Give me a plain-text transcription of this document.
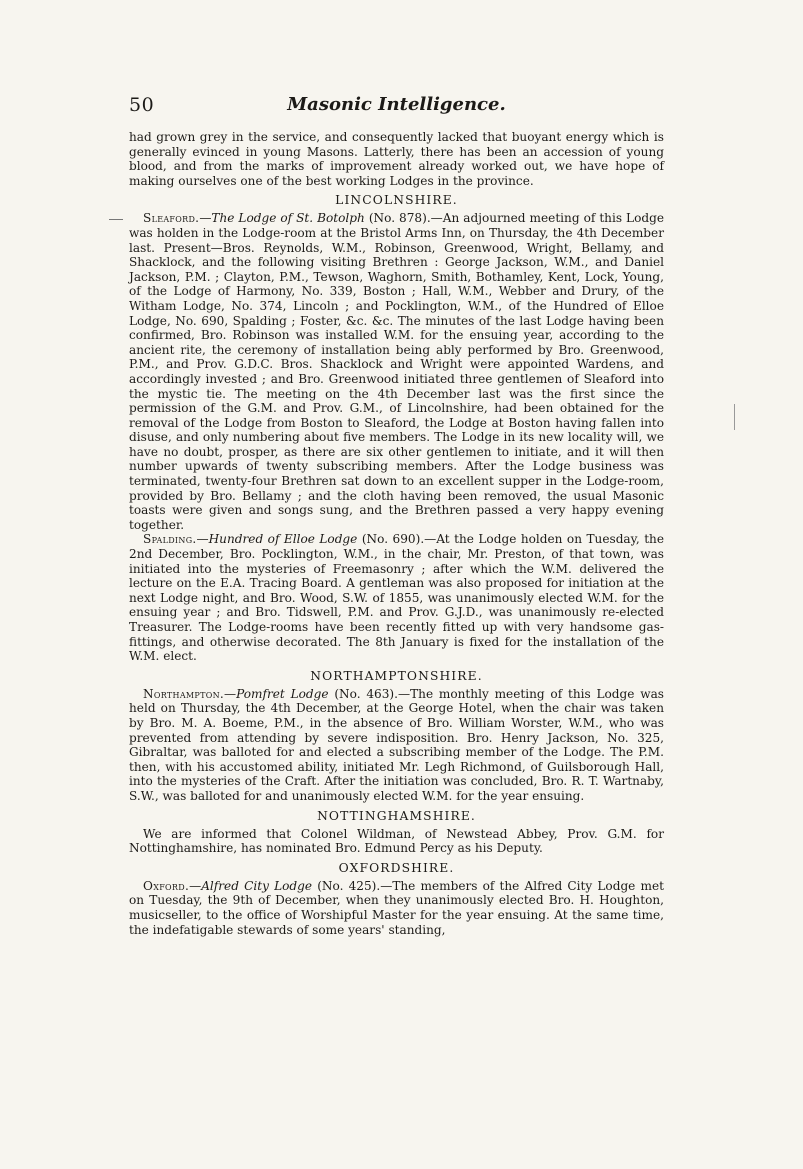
50	Masonic Intelligence.

had grown grey in the service, and consequently lacked that buoyant energy which is generally evinced in young Masons. Latterly, there has been an accession of young blood, and from the marks of improvement already worked out, we have hope of making ourselves one of the best working Lodges in the province.

LINCOLNSHIRE.

Sleaford.—The Lodge of St. Botolph (No. 878).—An adjourned meeting of this Lodge was holden in the Lodge-room at the Bristol Arms Inn, on Thursday, the 4th December last. Present—Bros. Reynolds, W.M., Robinson, Greenwood, Wright, Bellamy, and Shacklock, and the following visiting Brethren : George Jackson, W.M., and Daniel Jackson, P.M. ; Clayton, P.M., Tewson, Waghorn, Smith, Bothamley, Kent, Lock, Young, of the Lodge of Harmony, No. 339, Boston ; Hall, W.M., Webber and Drury, of the Witham Lodge, No. 374, Lincoln ; and Pocklington, W.M., of the Hundred of Elloe Lodge, No. 690, Spalding ; Foster, &c. &c. The minutes of the last Lodge having been confirmed, Bro. Robinson was installed W.M. for the ensuing year, according to the ancient rite, the ceremony of installation being ably performed by Bro. Greenwood, P.M., and Prov. G.D.C. Bros. Shacklock and Wright were appointed Wardens, and accordingly invested ; and Bro. Greenwood initiated three gentlemen of Sleaford into the mystic tie. The meeting on the 4th December last was the first since the permission of the G.M. and Prov. G.M., of Lincolnshire, had been obtained for the removal of the Lodge from Boston to Sleaford, the Lodge at Boston having fallen into disuse, and only numbering about five members. The Lodge in its new locality will, we have no doubt, prosper, as there are six other gentlemen to initiate, and it will then number upwards of twenty subscribing members. After the Lodge business was terminated, twenty-four Brethren sat down to an excellent supper in the Lodge-room, provided by Bro. Bellamy ; and the cloth having been removed, the usual Masonic toasts were given and songs sung, and the Brethren passed a very happy evening together.

Spalding.—Hundred of Elloe Lodge (No. 690).—At the Lodge holden on Tuesday, the 2nd December, Bro. Pocklington, W.M., in the chair, Mr. Preston, of that town, was initiated into the mysteries of Freemasonry ; after which the W.M. delivered the lecture on the E.A. Tracing Board. A gentleman was also proposed for initiation at the next Lodge night, and Bro. Wood, S.W. of 1855, was unanimously elected W.M. for the ensuing year ; and Bro. Tidswell, P.M. and Prov. G.J.D., was unanimously re-elected Treasurer. The Lodge-rooms have been recently fitted up with very handsome gas-fittings, and otherwise decorated. The 8th January is fixed for the installation of the W.M. elect.

NORTHAMPTONSHIRE.

Northampton.—Pomfret Lodge (No. 463).—The monthly meeting of this Lodge was held on Thursday, the 4th December, at the George Hotel, when the chair was taken by Bro. M. A. Boeme, P.M., in the absence of Bro. William Worster, W.M., who was prevented from attending by severe indisposition. Bro. Henry Jackson, No. 325, Gibraltar, was balloted for and elected a subscribing member of the Lodge. The P.M. then, with his accustomed ability, initiated Mr. Legh Richmond, of Guilsborough Hall, into the mysteries of the Craft. After the initiation was concluded, Bro. R. T. Wartnaby, S.W., was balloted for and unanimously elected W.M. for the year ensuing.

NOTTINGHAMSHIRE.

We are informed that Colonel Wildman, of Newstead Abbey, Prov. G.M. for Nottinghamshire, has nominated Bro. Edmund Percy as his Deputy.

OXFORDSHIRE.

Oxford.—Alfred City Lodge (No. 425).—The members of the Alfred City Lodge met on Tuesday, the 9th of December, when they unanimously elected Bro. H. Houghton, musicseller, to the office of Worshipful Master for the year ensuing. At the same time, the indefatigable stewards of some years' standing,
